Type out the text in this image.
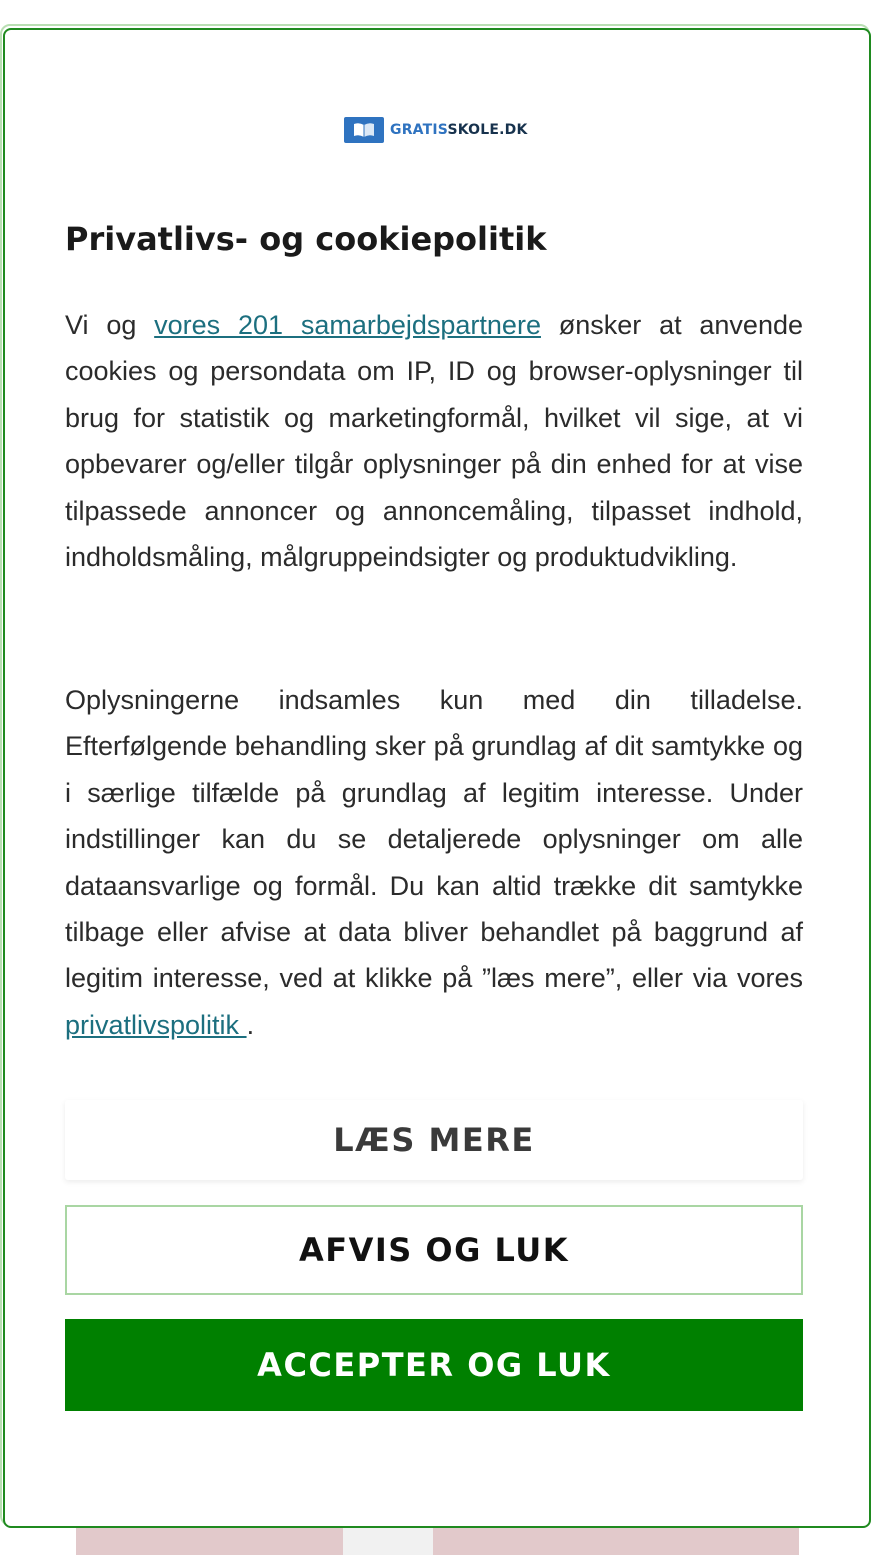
GRATISSKOLE.DK
Privatlivs- og cookiepolitik

Vi og vores 201 samarbejdspartnere ønsker at anvende cookies og persondata om IP, ID og browser-oplysninger til brug for statistik og marketingformål, hvilket vil sige, at vi opbevarer og/eller tilgår oplysninger på din enhed for at vise tilpassede annoncer og annoncemåling, tilpasset indhold, indholdsmåling, målgruppeindsigter og produktudvikling.

Oplysningerne indsamles kun med din tilladelse. Efterfølgende behandling sker på grundlag af dit samtykke og i særlige tilfælde på grundlag af legitim interesse. Under indstillinger kan du se detaljerede oplysninger om alle dataansvarlige og formål. Du kan altid trække dit samtykke tilbage eller afvise at data bliver behandlet på baggrund af legitim interesse, ved at klikke på ”læs mere”, eller via vores privatlivspolitik .

LÆS MERE
AFVIS OG LUK
ACCEPTER OG LUK
